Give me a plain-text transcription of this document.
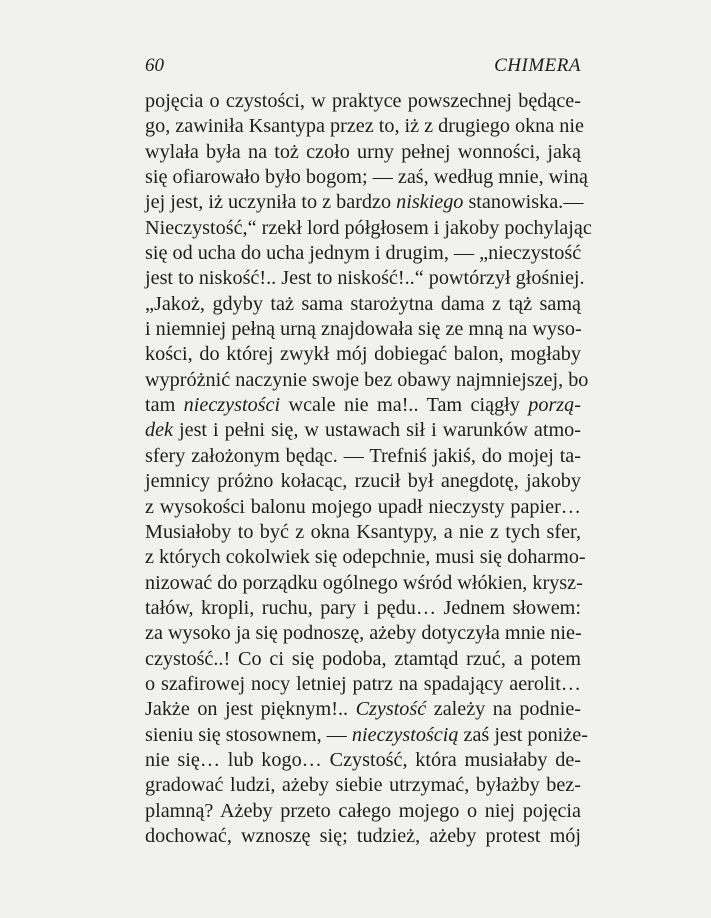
60	CHIMERA
pojęcia o czystości, w praktyce powszechnej będące-
go, zawiniła Ksantypa przez to, iż z drugiego okna nie
wylała była na toż czoło urny pełnej wonności, jaką
się ofiarowało było bogom; — zaś, według mnie, winą
jej jest, iż uczyniła to z bardzo niskiego stanowiska.—
Nieczystość,“ rzekł lord półgłosem i jakoby pochylając
się od ucha do ucha jednym i drugim, — „nieczystość
jest to niskość!.. Jest to niskość!..“ powtórzył głośniej.
„Jakoż, gdyby taż sama starożytna dama z tąż samą
i niemniej pełną urną znajdowała się ze mną na wyso-
kości, do której zwykł mój dobiegać balon, mogłaby
wypróżnić naczynie swoje bez obawy najmniejszej, bo
tam nieczystości wcale nie ma!.. Tam ciągły porzą-
dek jest i pełni się, w ustawach sił i warunków atmo-
sfery założonym będąc. — Trefniś jakiś, do mojej ta-
jemnicy próżno kołacąc, rzucił był anegdotę, jakoby
z wysokości balonu mojego upadł nieczysty papier…
Musiałoby to być z okna Ksantypy, a nie z tych sfer,
z których cokolwiek się odepchnie, musi się doharmo-
nizować do porządku ogólnego wśród włókien, krysz-
tałów, kropli, ruchu, pary i pędu… Jednem słowem:
za wysoko ja się podnoszę, ażeby dotyczyła mnie nie-
czystość..! Co ci się podoba, ztamtąd rzuć, a potem
o szafirowej nocy letniej patrz na spadający aerolit…
Jakże on jest pięknym!.. Czystość zależy na podnie-
sieniu się stosownem, — nieczystością zaś jest poniże-
nie się… lub kogo… Czystość, która musiałaby de-
gradować ludzi, ażeby siebie utrzymać, byłażby bez-
plamną? Ażeby przeto całego mojego o niej pojęcia
dochować, wznoszę się; tudzież, ażeby protest mój
